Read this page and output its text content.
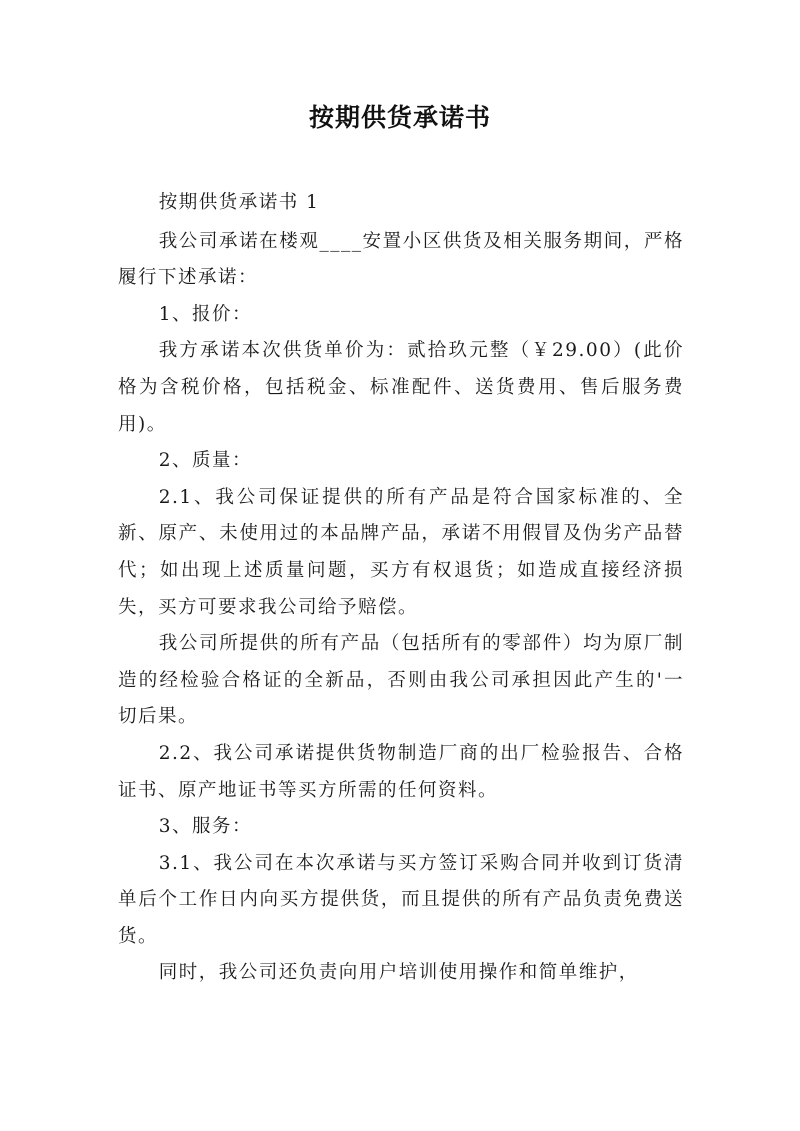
按期供货承诺书

按期供货承诺书 1

我公司承诺在楼观____安置小区供货及相关服务期间，严格履行下述承诺：

1、报价：

我方承诺本次供货单价为：贰拾玖元整（￥29.00）(此价格为含税价格，包括税金、标准配件、送货费用、售后服务费用)。

2、质量：

2.1、我公司保证提供的所有产品是符合国家标准的、全新、原产、未使用过的本品牌产品，承诺不用假冒及伪劣产品替代；如出现上述质量问题，买方有权退货；如造成直接经济损失，买方可要求我公司给予赔偿。

我公司所提供的所有产品（包括所有的零部件）均为原厂制造的经检验合格证的全新品，否则由我公司承担因此产生的'一切后果。

2.2、我公司承诺提供货物制造厂商的出厂检验报告、合格证书、原产地证书等买方所需的任何资料。

3、服务：

3.1、我公司在本次承诺与买方签订采购合同并收到订货清单后个工作日内向买方提供货，而且提供的所有产品负责免费送货。

同时，我公司还负责向用户培训使用操作和简单维护，
